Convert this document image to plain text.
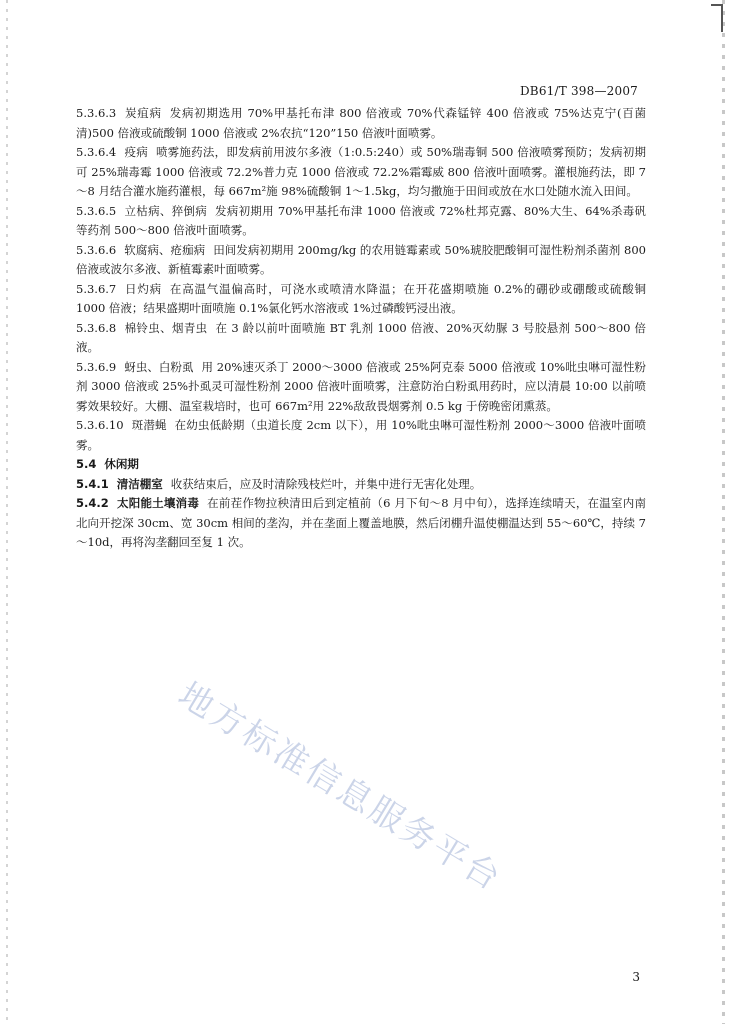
DB61/T 398—2007

5.3.6.3 炭疽病 发病初期选用 70%甲基托布津 800 倍液或 70%代森锰锌 400 倍液或 75%达克宁(百菌清)500 倍液或硫酸铜 1000 倍液或 2%农抗“120”150 倍液叶面喷雾。

5.3.6.4 疫病 喷雾施药法，即发病前用波尔多液（1:0.5:240）或 50%瑞毒铜 500 倍液喷雾预防；发病初期可 25%瑞毒霉 1000 倍液或 72.2%普力克 1000 倍液或 72.2%霜霉威 800 倍液叶面喷雾。灌根施药法，即 7～8 月结合灌水施药灌根，每 667m²施 98%硫酸铜 1～1.5kg，均匀撒施于田间或放在水口处随水流入田间。

5.3.6.5 立枯病、猝倒病 发病初期用 70%甲基托布津 1000 倍液或 72%杜邦克露、80%大生、64%杀毒矾等药剂 500～800 倍液叶面喷雾。

5.3.6.6 软腐病、疮痂病 田间发病初期用 200mg/kg 的农用链霉素或 50%琥胶肥酸铜可湿性粉剂杀菌剂 800 倍液或波尔多液、新植霉素叶面喷雾。

5.3.6.7 日灼病 在高温气温偏高时，可浇水或喷清水降温；在开花盛期喷施 0.2%的硼砂或硼酸或硫酸铜 1000 倍液；结果盛期叶面喷施 0.1%氯化钙水溶液或 1%过磷酸钙浸出液。

5.3.6.8 棉铃虫、烟青虫 在 3 龄以前叶面喷施 BT 乳剂 1000 倍液、20%灭幼脲 3 号胶悬剂 500～800 倍液。

5.3.6.9 蚜虫、白粉虱 用 20%速灭杀丁 2000～3000 倍液或 25%阿克泰 5000 倍液或 10%吡虫啉可湿性粉剂 3000 倍液或 25%扑虱灵可湿性粉剂 2000 倍液叶面喷雾，注意防治白粉虱用药时，应以清晨 10:00 以前喷雾效果较好。大棚、温室栽培时，也可 667m²用 22%敌敌畏烟雾剂 0.5 kg 于傍晚密闭熏蒸。

5.3.6.10 斑潜蝇 在幼虫低龄期（虫道长度 2cm 以下），用 10%吡虫啉可湿性粉剂 2000～3000 倍液叶面喷雾。

5.4 休闲期

5.4.1 清洁棚室 收获结束后，应及时清除残枝烂叶，并集中进行无害化处理。

5.4.2 太阳能土壤消毒 在前茬作物拉秧清田后到定植前（6 月下旬～8 月中旬），选择连续晴天，在温室内南北向开挖深 30cm、宽 30cm 相间的垄沟，并在垄面上覆盖地膜，然后闭棚升温使棚温达到 55～60℃，持续 7～10d，再将沟垄翻回至复 1 次。

地方标准信息服务平台
3
